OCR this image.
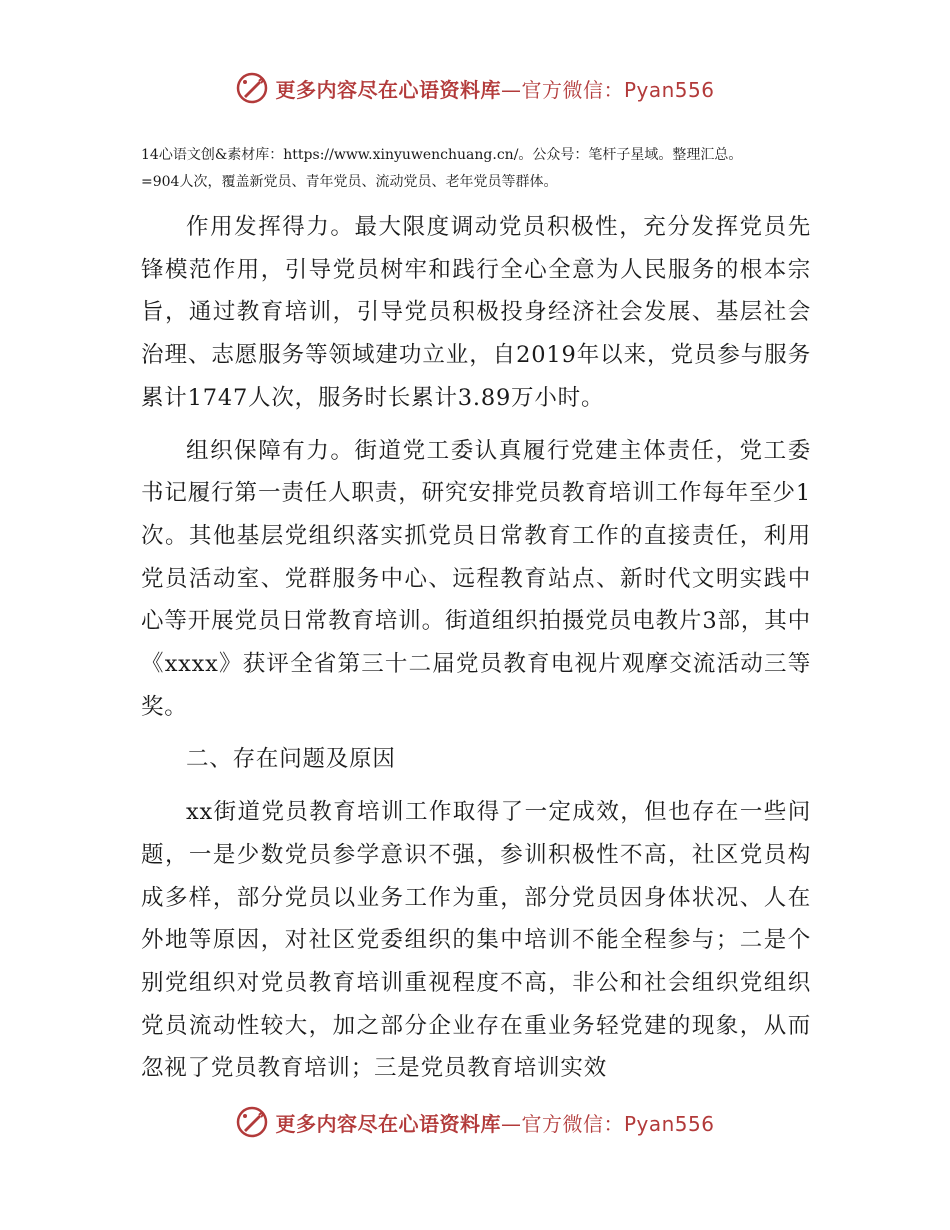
更多内容尽在心语资料库—官方微信：Pyan556
14心语文创&素材库：https://www.xinyuwenchuang.cn/。公众号：笔杆子星域。整理汇总。
=904人次，覆盖新党员、青年党员、流动党员、老年党员等群体。

作用发挥得力。最大限度调动党员积极性，充分发挥党员先锋模范作用，引导党员树牢和践行全心全意为人民服务的根本宗旨，通过教育培训，引导党员积极投身经济社会发展、基层社会治理、志愿服务等领域建功立业，自2019年以来，党员参与服务累计1747人次，服务时长累计3.89万小时。

组织保障有力。街道党工委认真履行党建主体责任，党工委书记履行第一责任人职责，研究安排党员教育培训工作每年至少1次。其他基层党组织落实抓党员日常教育工作的直接责任，利用党员活动室、党群服务中心、远程教育站点、新时代文明实践中心等开展党员日常教育培训。街道组织拍摄党员电教片3部，其中《xxxx》获评全省第三十二届党员教育电视片观摩交流活动三等奖。

二、存在问题及原因

xx街道党员教育培训工作取得了一定成效，但也存在一些问题，一是少数党员参学意识不强，参训积极性不高，社区党员构成多样，部分党员以业务工作为重，部分党员因身体状况、人在外地等原因，对社区党委组织的集中培训不能全程参与；二是个别党组织对党员教育培训重视程度不高，非公和社会组织党组织党员流动性较大，加之部分企业存在重业务轻党建的现象，从而忽视了党员教育培训；三是党员教育培训实效

更多内容尽在心语资料库—官方微信：Pyan556
